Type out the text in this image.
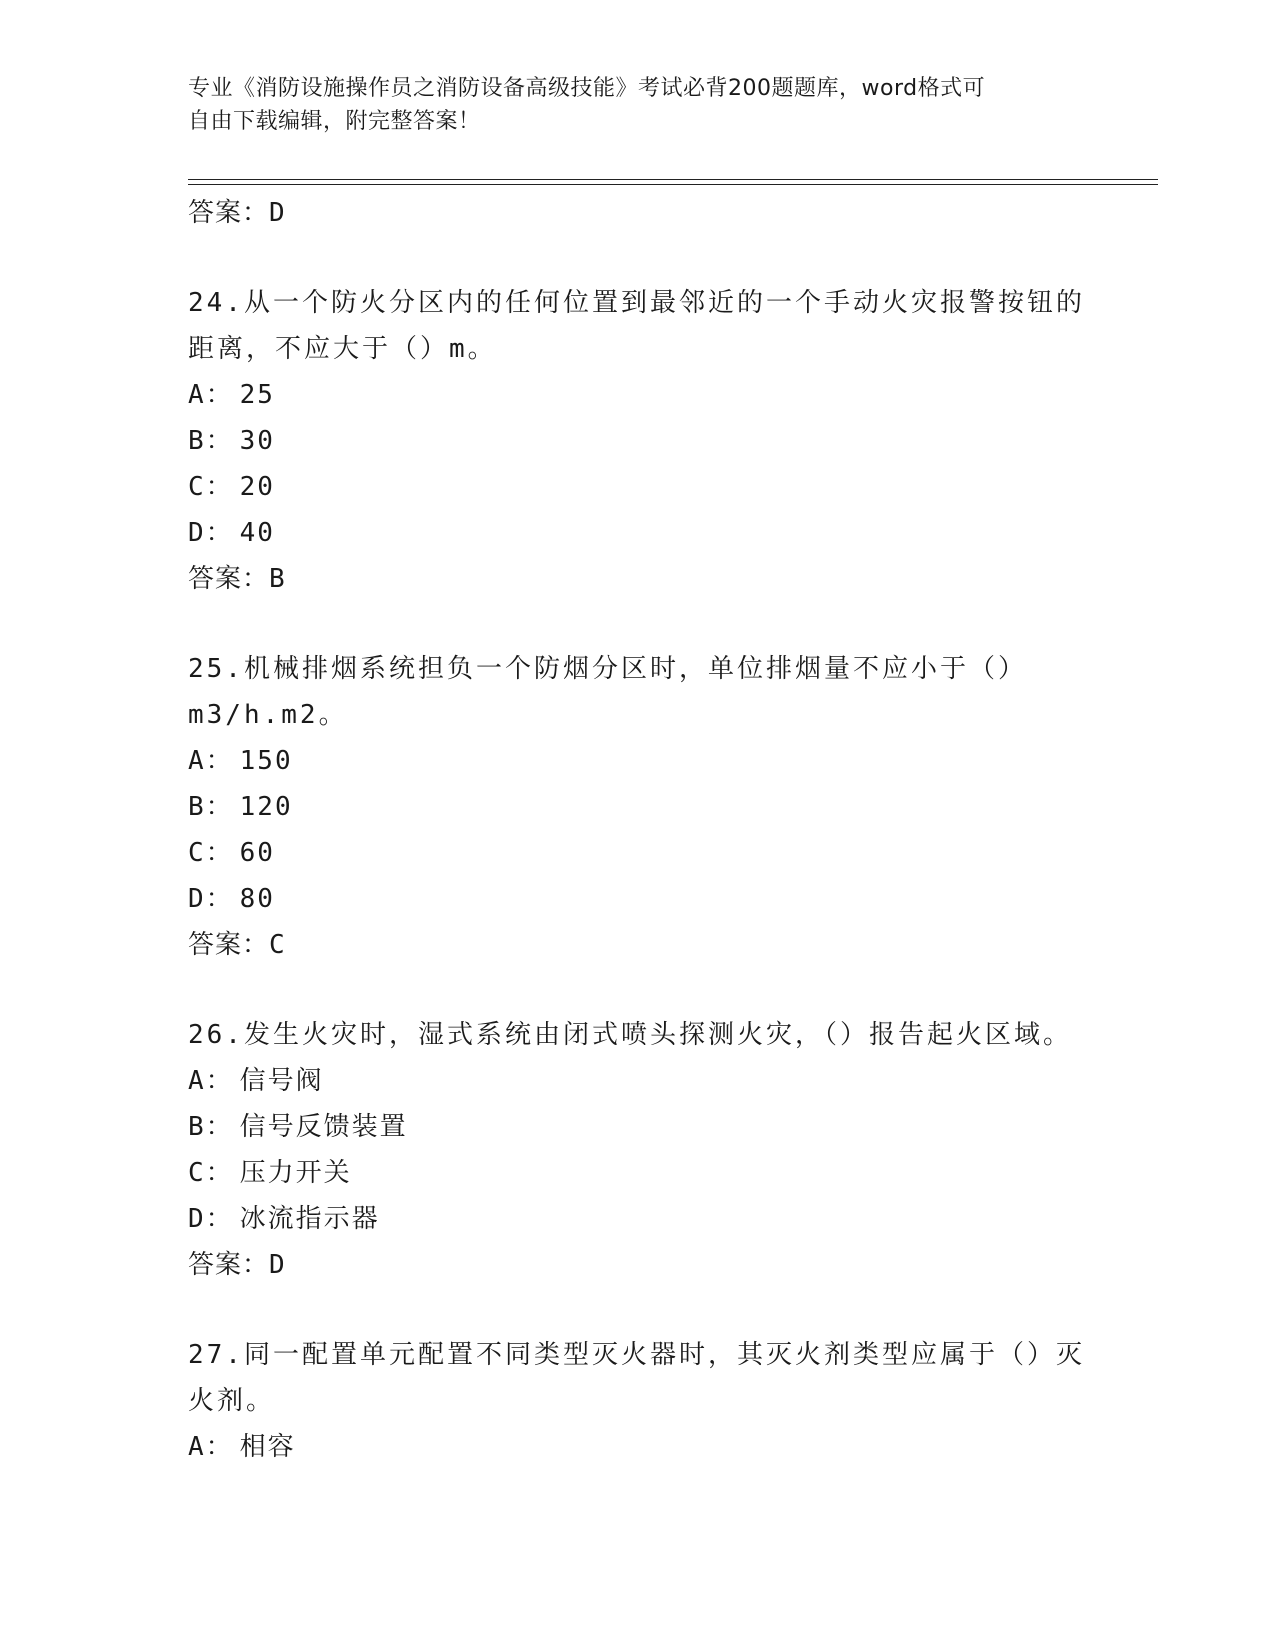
专业《消防设施操作员之消防设备高级技能》考试必背200题题库，word格式可
自由下载编辑，附完整答案！
答案：D
24.从一个防火分区内的任何位置到最邻近的一个手动火灾报警按钮的
距离，不应大于（）m。
A： 25
B： 30
C： 20
D： 40
答案：B
25.机械排烟系统担负一个防烟分区时，单位排烟量不应小于（）
m3/h.m2。
A： 150
B： 120
C： 60
D： 80
答案：C
26.发生火灾时，湿式系统由闭式喷头探测火灾，（）报告起火区域。
A： 信号阀
B： 信号反馈装置
C： 压力开关
D： 冰流指示器
答案：D
27.同一配置单元配置不同类型灭火器时，其灭火剂类型应属于（）灭
火剂。
A： 相容
